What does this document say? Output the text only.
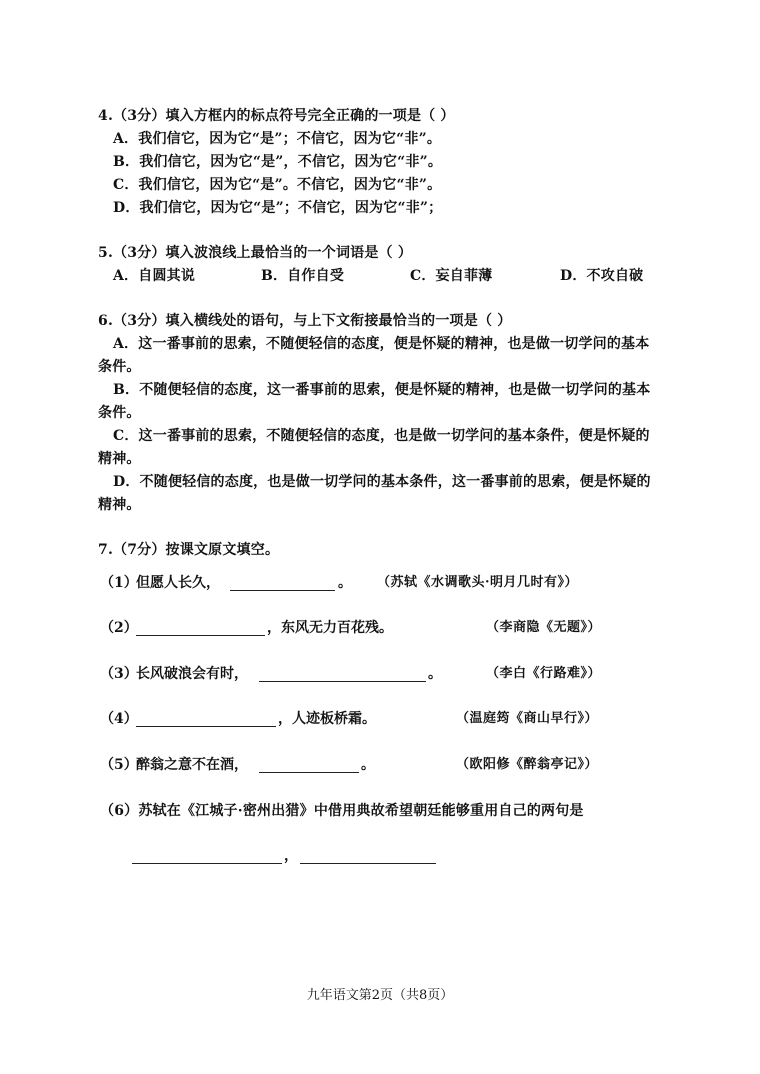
4.（3分）填入方框内的标点符号完全正确的一项是（ ）
A．我们信它，因为它“是”；不信它，因为它“非”。
B．我们信它，因为它“是”，不信它，因为它“非”。
C．我们信它，因为它“是”。不信它，因为它“非”。
D．我们信它，因为它“是”；不信它，因为它“非”；
5.（3分）填入波浪线上最恰当的一个词语是（ ）
A．自圆其说	B．自作自受	C．妄自菲薄	D．不攻自破
6.（3分）填入横线处的语句，与上下文衔接最恰当的一项是（ ）
A．这一番事前的思索，不随便轻信的态度，便是怀疑的精神，也是做一切学问的基本
条件。
B．不随便轻信的态度，这一番事前的思索，便是怀疑的精神，也是做一切学问的基本
条件。
C．这一番事前的思索，不随便轻信的态度，也是做一切学问的基本条件，便是怀疑的
精神。
D．不随便轻信的态度，也是做一切学问的基本条件，这一番事前的思索，便是怀疑的
精神。
7.（7分）按课文原文填空。
（1）
但愿人长久，	。 （苏轼《水调歌头·明月几时有》）
（2）	，东风无力百花残。	（李商隐《无题》）
（3）
长风破浪会有时，	。	（李白《行路难》）
（4）	，人迹板桥霜。	（温庭筠《商山早行》）
（5）
醉翁之意不在酒，	。	（欧阳修《醉翁亭记》）
（6）苏轼在《江城子·密州出猎》中借用典故希望朝廷能够重用自己的两句是
，
九年语文第2页（共8页）
